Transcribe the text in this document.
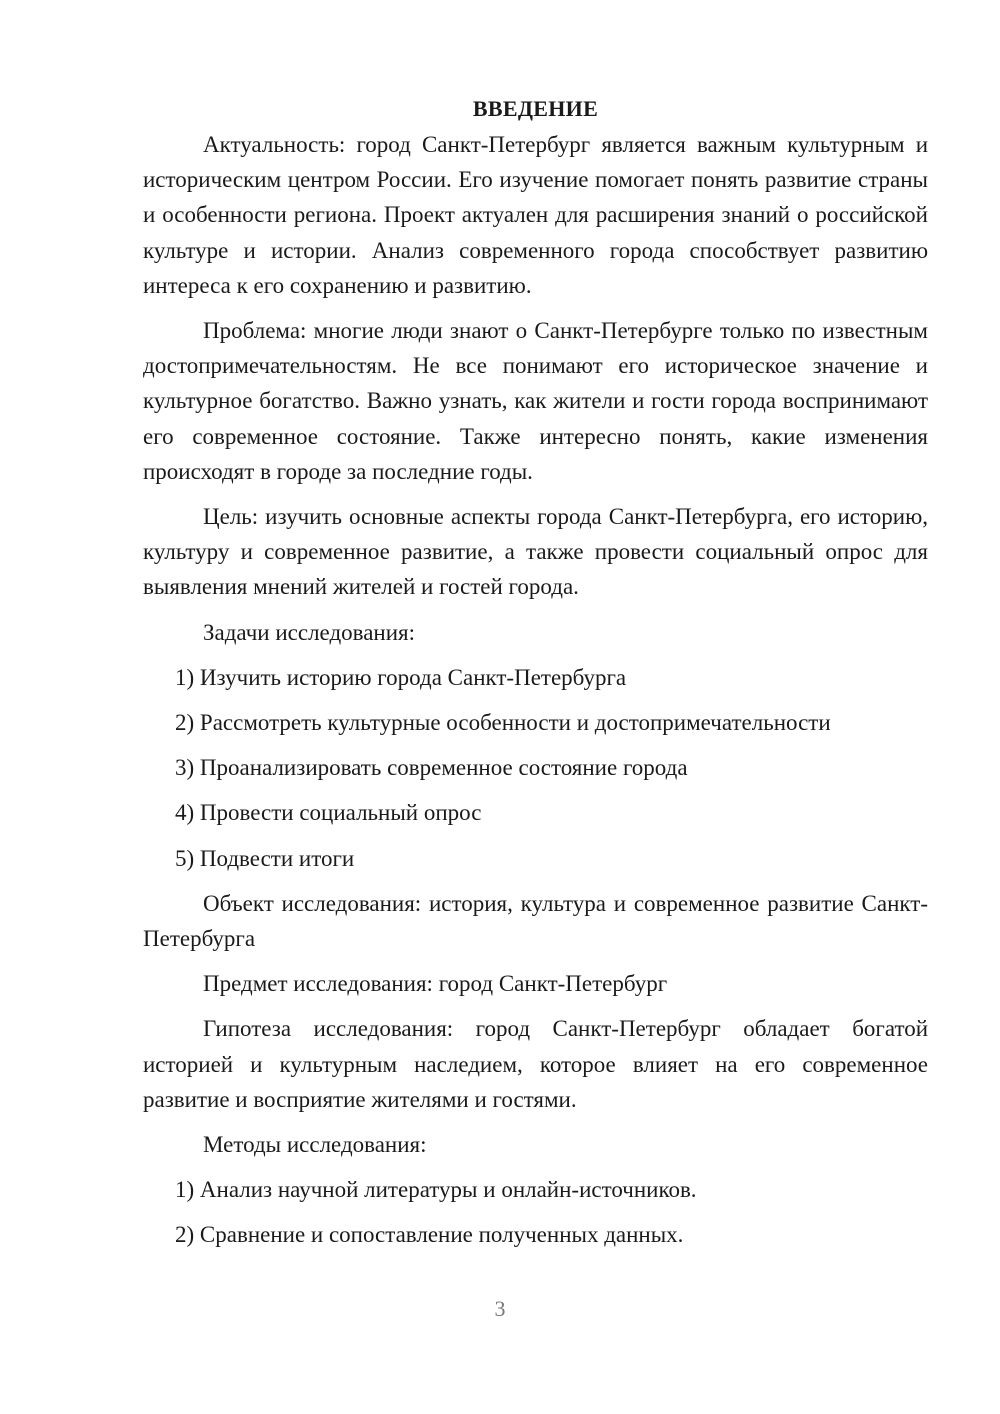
ВВЕДЕНИЕ

Актуальность: город Санкт-Петербург является важным культурным и историческим центром России. Его изучение помогает понять развитие страны и особенности региона. Проект актуален для расширения знаний о российской культуре и истории. Анализ современного города способствует развитию интереса к его сохранению и развитию.

Проблема: многие люди знают о Санкт-Петербурге только по известным достопримечательностям. Не все понимают его историческое значение и культурное богатство. Важно узнать, как жители и гости города воспринимают его современное состояние. Также интересно понять, какие изменения происходят в городе за последние годы.

Цель: изучить основные аспекты города Санкт-Петербурга, его историю, культуру и современное развитие, а также провести социальный опрос для выявления мнений жителей и гостей города.

Задачи исследования:

1) Изучить историю города Санкт-Петербурга
2) Рассмотреть культурные особенности и достопримечательности
3) Проанализировать современное состояние города
4) Провести социальный опрос
5) Подвести итоги

Объект исследования: история, культура и современное развитие Санкт-Петербурга

Предмет исследования: город Санкт-Петербург

Гипотеза исследования: город Санкт-Петербург обладает богатой историей и культурным наследием, которое влияет на его современное развитие и восприятие жителями и гостями.

Методы исследования:

1) Анализ научной литературы и онлайн-источников.
2) Сравнение и сопоставление полученных данных.
3
